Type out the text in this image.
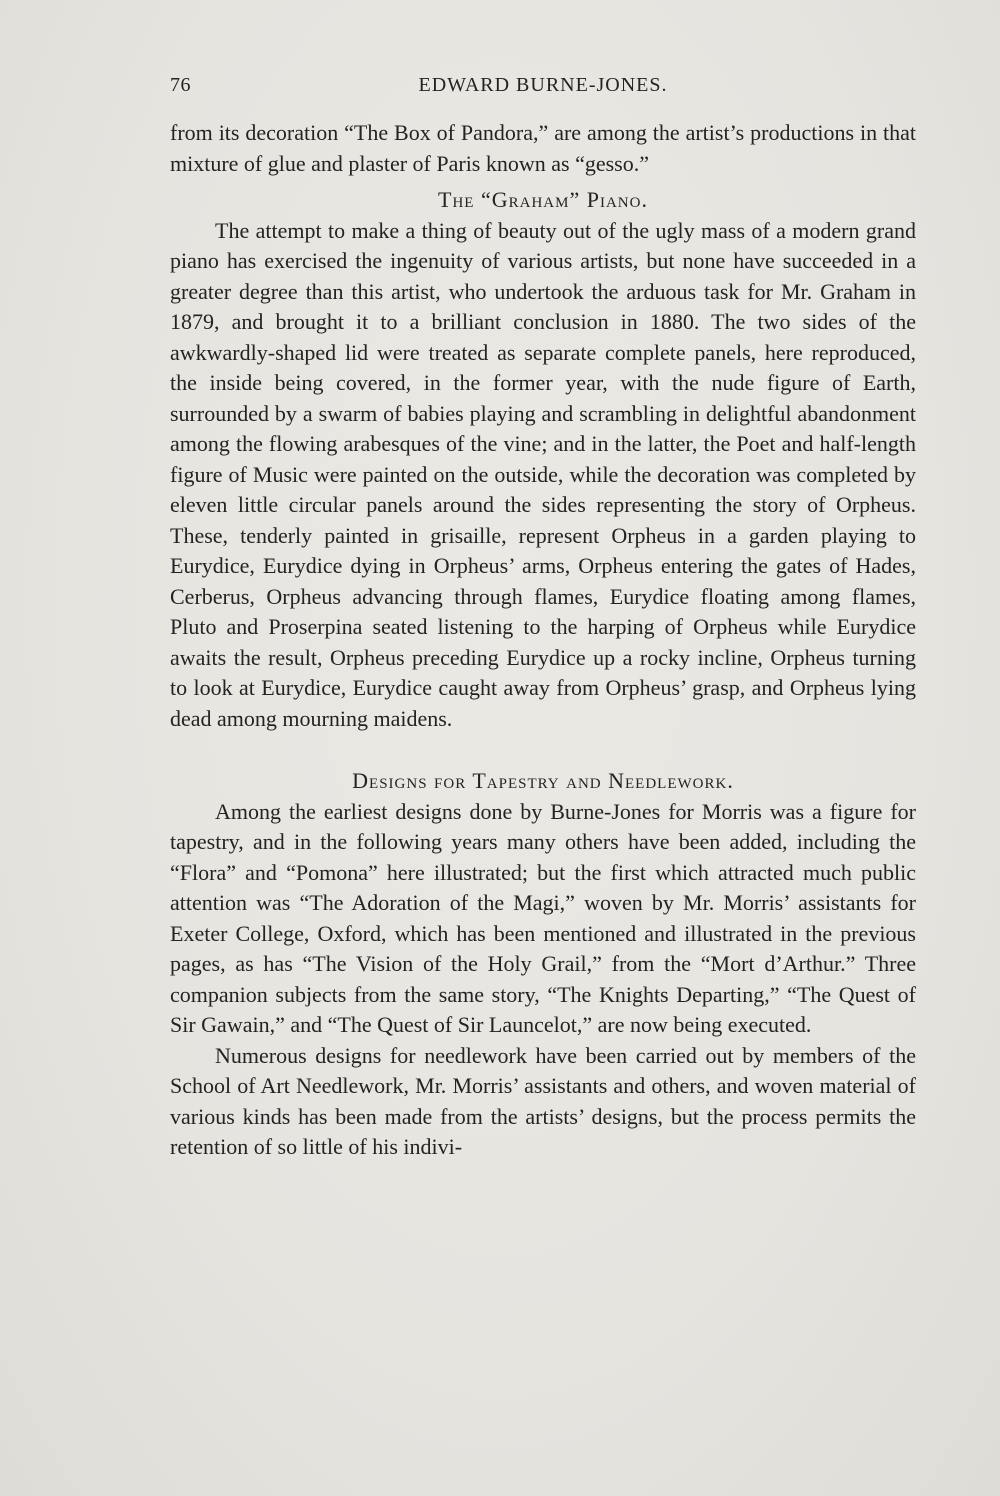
76	EDWARD BURNE-JONES.

from its decoration “The Box of Pandora,” are among the artist’s productions in that mixture of glue and plaster of Paris known as “gesso.”

The “Graham” Piano.

The attempt to make a thing of beauty out of the ugly mass of a modern grand piano has exercised the ingenuity of various artists, but none have succeeded in a greater degree than this artist, who undertook the arduous task for Mr. Graham in 1879, and brought it to a brilliant conclusion in 1880. The two sides of the awkwardly-shaped lid were treated as separate complete panels, here reproduced, the inside being covered, in the former year, with the nude figure of Earth, surrounded by a swarm of babies playing and scrambling in delightful abandonment among the flowing arabesques of the vine; and in the latter, the Poet and half-length figure of Music were painted on the outside, while the decoration was completed by eleven little circular panels around the sides representing the story of Orpheus. These, tenderly painted in grisaille, represent Orpheus in a garden playing to Eurydice, Eurydice dying in Orpheus’ arms, Orpheus entering the gates of Hades, Cerberus, Orpheus advancing through flames, Eurydice floating among flames, Pluto and Proserpina seated listening to the harping of Orpheus while Eurydice awaits the result, Orpheus preceding Eurydice up a rocky incline, Orpheus turning to look at Eurydice, Eurydice caught away from Orpheus’ grasp, and Orpheus lying dead among mourning maidens.

Designs for Tapestry and Needlework.

Among the earliest designs done by Burne-Jones for Morris was a figure for tapestry, and in the following years many others have been added, including the “Flora” and “Pomona” here illustrated; but the first which attracted much public attention was “The Adoration of the Magi,” woven by Mr. Morris’ assistants for Exeter College, Oxford, which has been mentioned and illustrated in the previous pages, as has “The Vision of the Holy Grail,” from the “Mort d’Arthur.” Three companion subjects from the same story, “The Knights Departing,” “The Quest of Sir Gawain,” and “The Quest of Sir Launcelot,” are now being executed.

Numerous designs for needlework have been carried out by members of the School of Art Needlework, Mr. Morris’ assistants and others, and woven material of various kinds has been made from the artists’ designs, but the process permits the retention of so little of his indivi-
